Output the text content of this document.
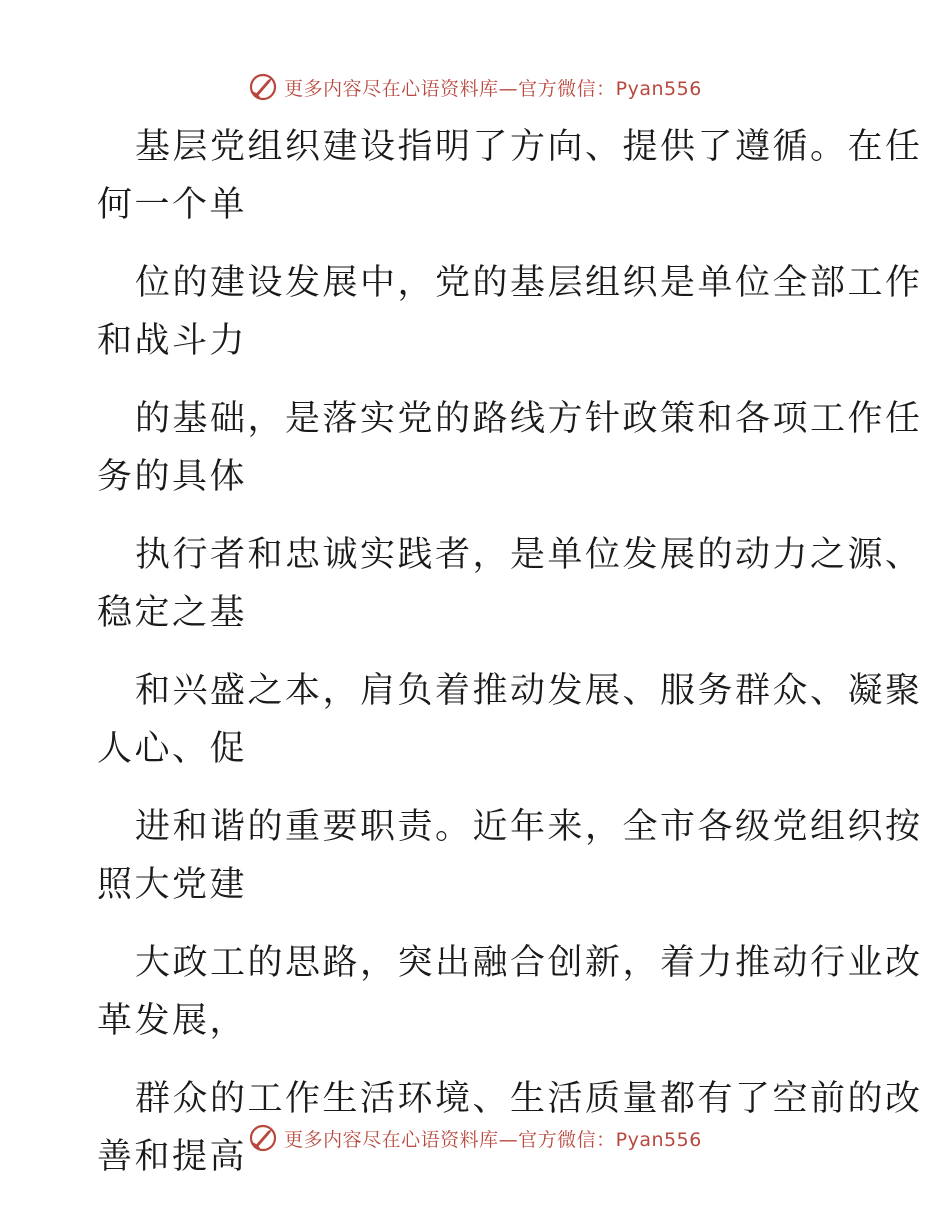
更多内容尽在心语资料库—官方微信：Pyan556

基层党组织建设指明了方向、提供了遵循。在任
何一个单

位的建设发展中，党的基层组织是单位全部工作
和战斗力

的基础，是落实党的路线方针政策和各项工作任
务的具体

执行者和忠诚实践者，是单位发展的动力之源、
稳定之基

和兴盛之本，肩负着推动发展、服务群众、凝聚
人心、促

进和谐的重要职责。近年来，全市各级党组织按
照大党建

大政工的思路，突出融合创新，着力推动行业改
革发展，

群众的工作生活环境、生活质量都有了空前的改
善和提高	更多内容尽在心语资料库—官方微信：Pyan556
